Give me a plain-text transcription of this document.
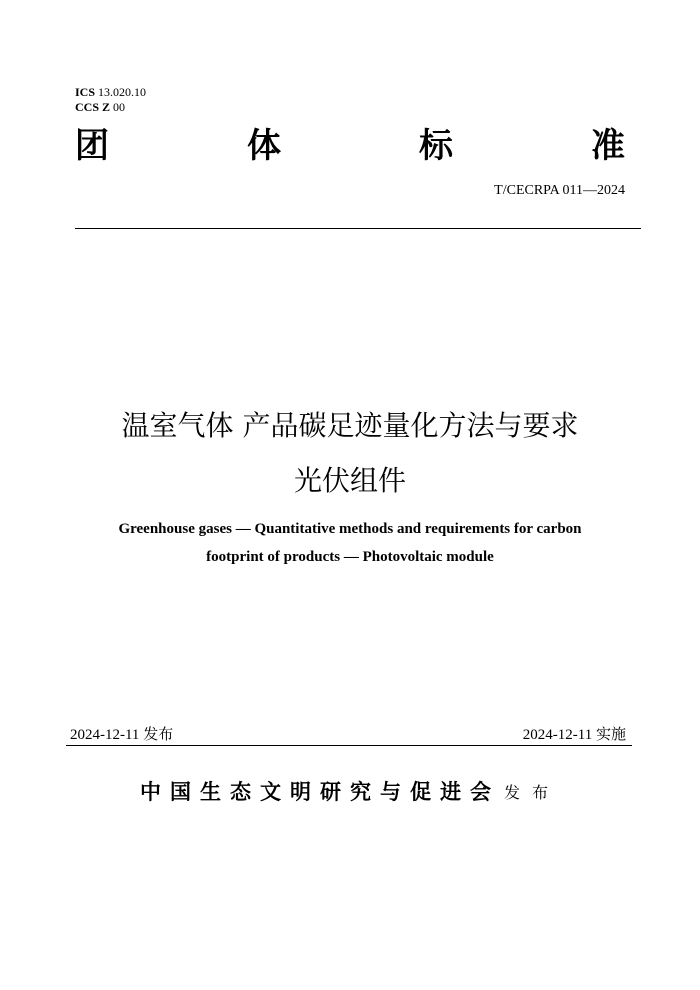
ICS 13.020.10
CCS Z 00
团	体	标	准
T/CECRPA 011—2024
温室气体 产品碳足迹量化方法与要求
光伏组件
Greenhouse gases — Quantitative methods and requirements for carbon
footprint of products — Photovoltaic module
2024-12-11 发布	2024-12-11 实施
中国生态文明研究与促进会 发布
